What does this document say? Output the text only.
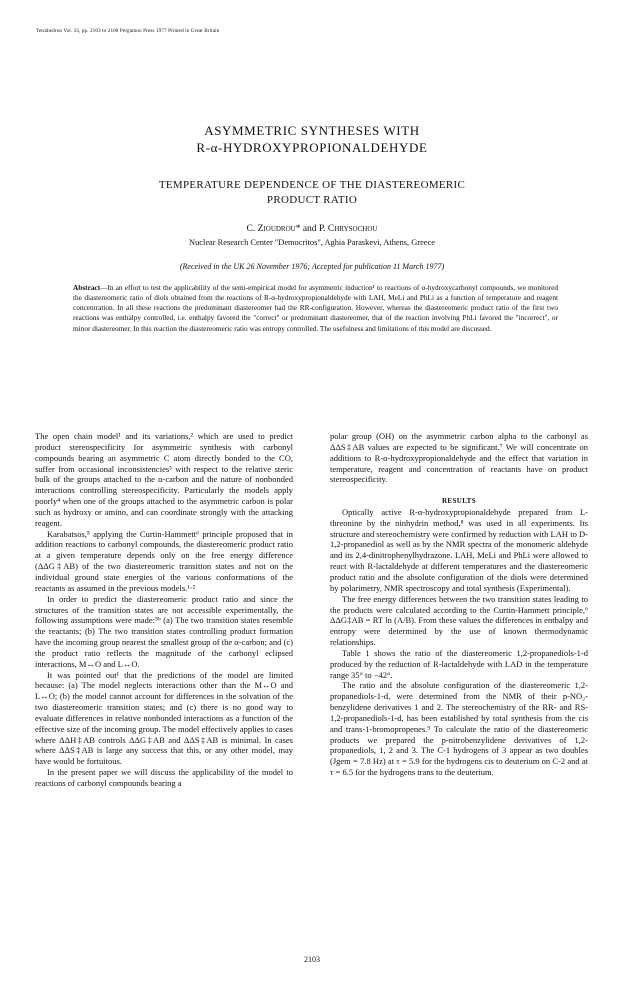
Tetrahedron Vol. 33, pp. 2103 to 2108 Pergamon Press 1977 Printed in Great Britain
ASYMMETRIC SYNTHESES WITH
R-α-HYDROXYPROPIONALDEHYDE
TEMPERATURE DEPENDENCE OF THE DIASTEREOMERIC
PRODUCT RATIO
C. Zioudrou* and P. Chrysochou
Nuclear Research Center "Democritos", Aghia Paraskevi, Athens, Greece
(Received in the UK 26 November 1976; Accepted for publication 11 March 1977)
Abstract—In an effort to test the applicability of the semi-empirical model for asymmetric induction¹ to reactions of α-hydroxycarbonyl compounds, we monitored the diastereomeric ratio of diols obtained from the reactions of R-α-hydroxypropionaldehyde with LAH, MeLi and PhLi as a function of temperature and reagent concentration. In all these reactions the predominant diastereomer had the RR-configuration. However, whereas the diastereomeric product ratio of the first two reactions was enthalpy controlled, i.e. enthalpy favored the "correct" or predominant diastereomer, that of the reaction involving PhLi favored the "incorrect", or minor diastereomer. In this reaction the diastereomeric ratio was entropy controlled. The usefulness and limitations of this model are discussed.

The open chain model¹ and its variations,² which are used to predict product stereospecificity for asymmetric synthesis with carbonyl compounds bearing an asymmetric C atom directly bonded to the CO, suffer from occasional inconsistencies³ with respect to the relative steric bulk of the groups attached to the α-carbon and the nature of nonbonded interactions controlling stereospecificity. Particularly the models apply poorly⁴ when one of the groups attached to the asymmetric carbon is polar such as hydroxy or amino, and can coordinate strongly with the attacking reagent.

Karabatsos,⁵ applying the Curtin-Hammett⁶ principle proposed that in addition reactions to carbonyl compounds, the diastereomeric product ratio at a given temperature depends only on the free energy difference (ΔΔG‡AB) of the two diastereomeric transition states and not on the individual ground state energies of the various conformations of the reactants as assumed in the previous models.¹·²

In order to predict the diastereomeric product ratio and since the structures of the transition states are not accessible experimentally, the following assumptions were made:⁵ʰ (a) The two transition states resemble the reactants; (b) The two transition states controlling product formation have the incoming group nearest the smallest group of the α-carbon; and (c) the product ratio reflects the magnitude of the carbonyl eclipsed interactions, M↔O and L↔O.

It was pointed out¹ that the predictions of the model are limited because: (a) The model neglects interactions other than the M↔O and L↔O; (b) the model cannot account for differences in the solvation of the two diastereomeric transition states; and (c) there is no good way to evaluate differences in relative nonbonded interactions as a function of the effective size of the incoming group. The model effectively applies to cases where ΔΔH‡AB controls ΔΔG‡AB and ΔΔS‡AB is minimal. In cases where ΔΔS‡AB is large any success that this, or any other model, may have would be fortuitous.

In the present paper we will discuss the applicability of the model to reactions of carbonyl compounds bearing a

polar group (OH) on the asymmetric carbon alpha to the carbonyl as ΔΔS‡AB values are expected to be significant.⁷ We will concentrate on additions to R-α-hydroxypropionaldehyde and the effect that variation in temperature, reagent and concentration of reactants have on product stereospecificity.

RESULTS

Optically active R-α-hydroxypropionaldehyde prepared from L-threonine by the ninhydrin method,⁸ was used in all experiments. Its structure and stereochemistry were confirmed by reduction with LAH to D-1,2-propanediol as well as by the NMR spectra of the monomeric aldehyde and its 2,4-dinitrophenylhydrazone. LAH, MeLi and PhLi were allowed to react with R-lactaldehyde at different temperatures and the diastereomeric product ratio and the absolute configuration of the diols were determined by polarimetry, NMR spectroscopy and total synthesis (Experimental).

The free energy differences between the two transition states leading to the products were calculated according to the Curtin-Hammett principle,⁶ ΔΔG‡AB = RT ln (A/B). From these values the differences in enthalpy and entropy were determined by the use of known thermodynamic relationships.

Table 1 shows the ratio of the diastereomeric 1,2-propanediols-1-d produced by the reduction of R-lactaldehyde with LAD in the temperature range 35° to −42°.

The ratio and the absolute configuration of the diastereomeric 1,2-propanediols-1-d, were determined from the NMR of their p-NO₂-benzylidene derivatives 1 and 2. The stereochemistry of the RR- and RS-1,2-propanediols-1-d, has been established by total synthesis from the cis and trans-1-bromopropenes.⁹ To calculate the ratio of the diastereomeric products we prepared the p-nitrobenzylidene derivatives of 1,2-propanediols, 1, 2 and 3. The C-1 hydrogens of 3 appear as two doubles (Jgem = 7.8 Hz) at τ = 5.9 for the hydrogens cis to deuterium on C-2 and at τ = 6.5 for the hydrogens trans to the deuterium.

2103
